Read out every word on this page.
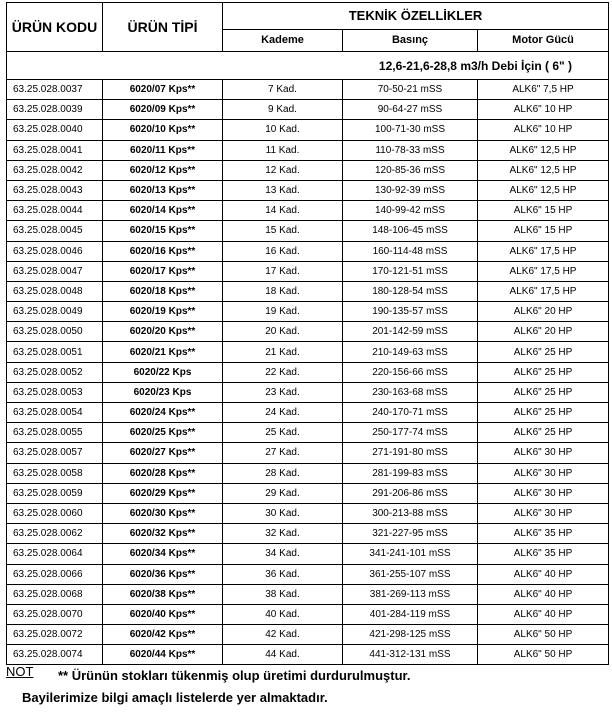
ÜRÜN KODU	ÜRÜN TİPİ	TEKNİK ÖZELLİKLER		
		Kademe	Basınç	Motor Gücü
12,6-21,6-28,8 m3/h Debi İçin ( 6" )				
63.25.028.0037	6020/07 Kps**	7 Kad.	70-50-21 mSS	ALK6" 7,5 HP
63.25.028.0039	6020/09 Kps**	9 Kad.	90-64-27 mSS	ALK6" 10 HP
63.25.028.0040	6020/10 Kps**	10 Kad.	100-71-30 mSS	ALK6" 10 HP
63.25.028.0041	6020/11 Kps**	11 Kad.	110-78-33 mSS	ALK6" 12,5 HP
63.25.028.0042	6020/12 Kps**	12 Kad.	120-85-36 mSS	ALK6" 12,5 HP
63.25.028.0043	6020/13 Kps**	13 Kad.	130-92-39 mSS	ALK6" 12,5 HP
63.25.028.0044	6020/14 Kps**	14 Kad.	140-99-42 mSS	ALK6" 15 HP
63.25.028.0045	6020/15 Kps**	15 Kad.	148-106-45 mSS	ALK6" 15 HP
63.25.028.0046	6020/16 Kps**	16 Kad.	160-114-48 mSS	ALK6" 17,5 HP
63.25.028.0047	6020/17 Kps**	17 Kad.	170-121-51 mSS	ALK6" 17,5 HP
63.25.028.0048	6020/18 Kps**	18 Kad.	180-128-54 mSS	ALK6" 17,5 HP
63.25.028.0049	6020/19 Kps**	19 Kad.	190-135-57 mSS	ALK6" 20 HP
63.25.028.0050	6020/20 Kps**	20 Kad.	201-142-59 mSS	ALK6" 20 HP
63.25.028.0051	6020/21 Kps**	21 Kad.	210-149-63 mSS	ALK6" 25 HP
63.25.028.0052	6020/22 Kps	22 Kad.	220-156-66 mSS	ALK6" 25 HP
63.25.028.0053	6020/23 Kps	23 Kad.	230-163-68 mSS	ALK6" 25 HP
63.25.028.0054	6020/24 Kps**	24 Kad.	240-170-71 mSS	ALK6" 25 HP
63.25.028.0055	6020/25 Kps**	25 Kad.	250-177-74 mSS	ALK6" 25 HP
63.25.028.0057	6020/27 Kps**	27 Kad.	271-191-80 mSS	ALK6" 30 HP
63.25.028.0058	6020/28 Kps**	28 Kad.	281-199-83 mSS	ALK6" 30 HP
63.25.028.0059	6020/29 Kps**	29 Kad.	291-206-86 mSS	ALK6" 30 HP
63.25.028.0060	6020/30 Kps**	30 Kad.	300-213-88 mSS	ALK6" 30 HP
63.25.028.0062	6020/32 Kps**	32 Kad.	321-227-95 mSS	ALK6" 35 HP
63.25.028.0064	6020/34 Kps**	34 Kad.	341-241-101 mSS	ALK6" 35 HP
63.25.028.0066	6020/36 Kps**	36 Kad.	361-255-107 mSS	ALK6" 40 HP
63.25.028.0068	6020/38 Kps**	38 Kad.	381-269-113 mSS	ALK6" 40 HP
63.25.028.0070	6020/40 Kps**	40 Kad.	401-284-119 mSS	ALK6" 40 HP
63.25.028.0072	6020/42 Kps**	42 Kad.	421-298-125 mSS	ALK6" 50 HP
63.25.028.0074	6020/44 Kps**	44 Kad.	441-312-131 mSS	ALK6" 50 HP
NOT ** Ürünün stokları tükenmiş olup üretimi durdurulmuştur.
Bayilerimize bilgi amaçlı listelerde yer almaktadır.
